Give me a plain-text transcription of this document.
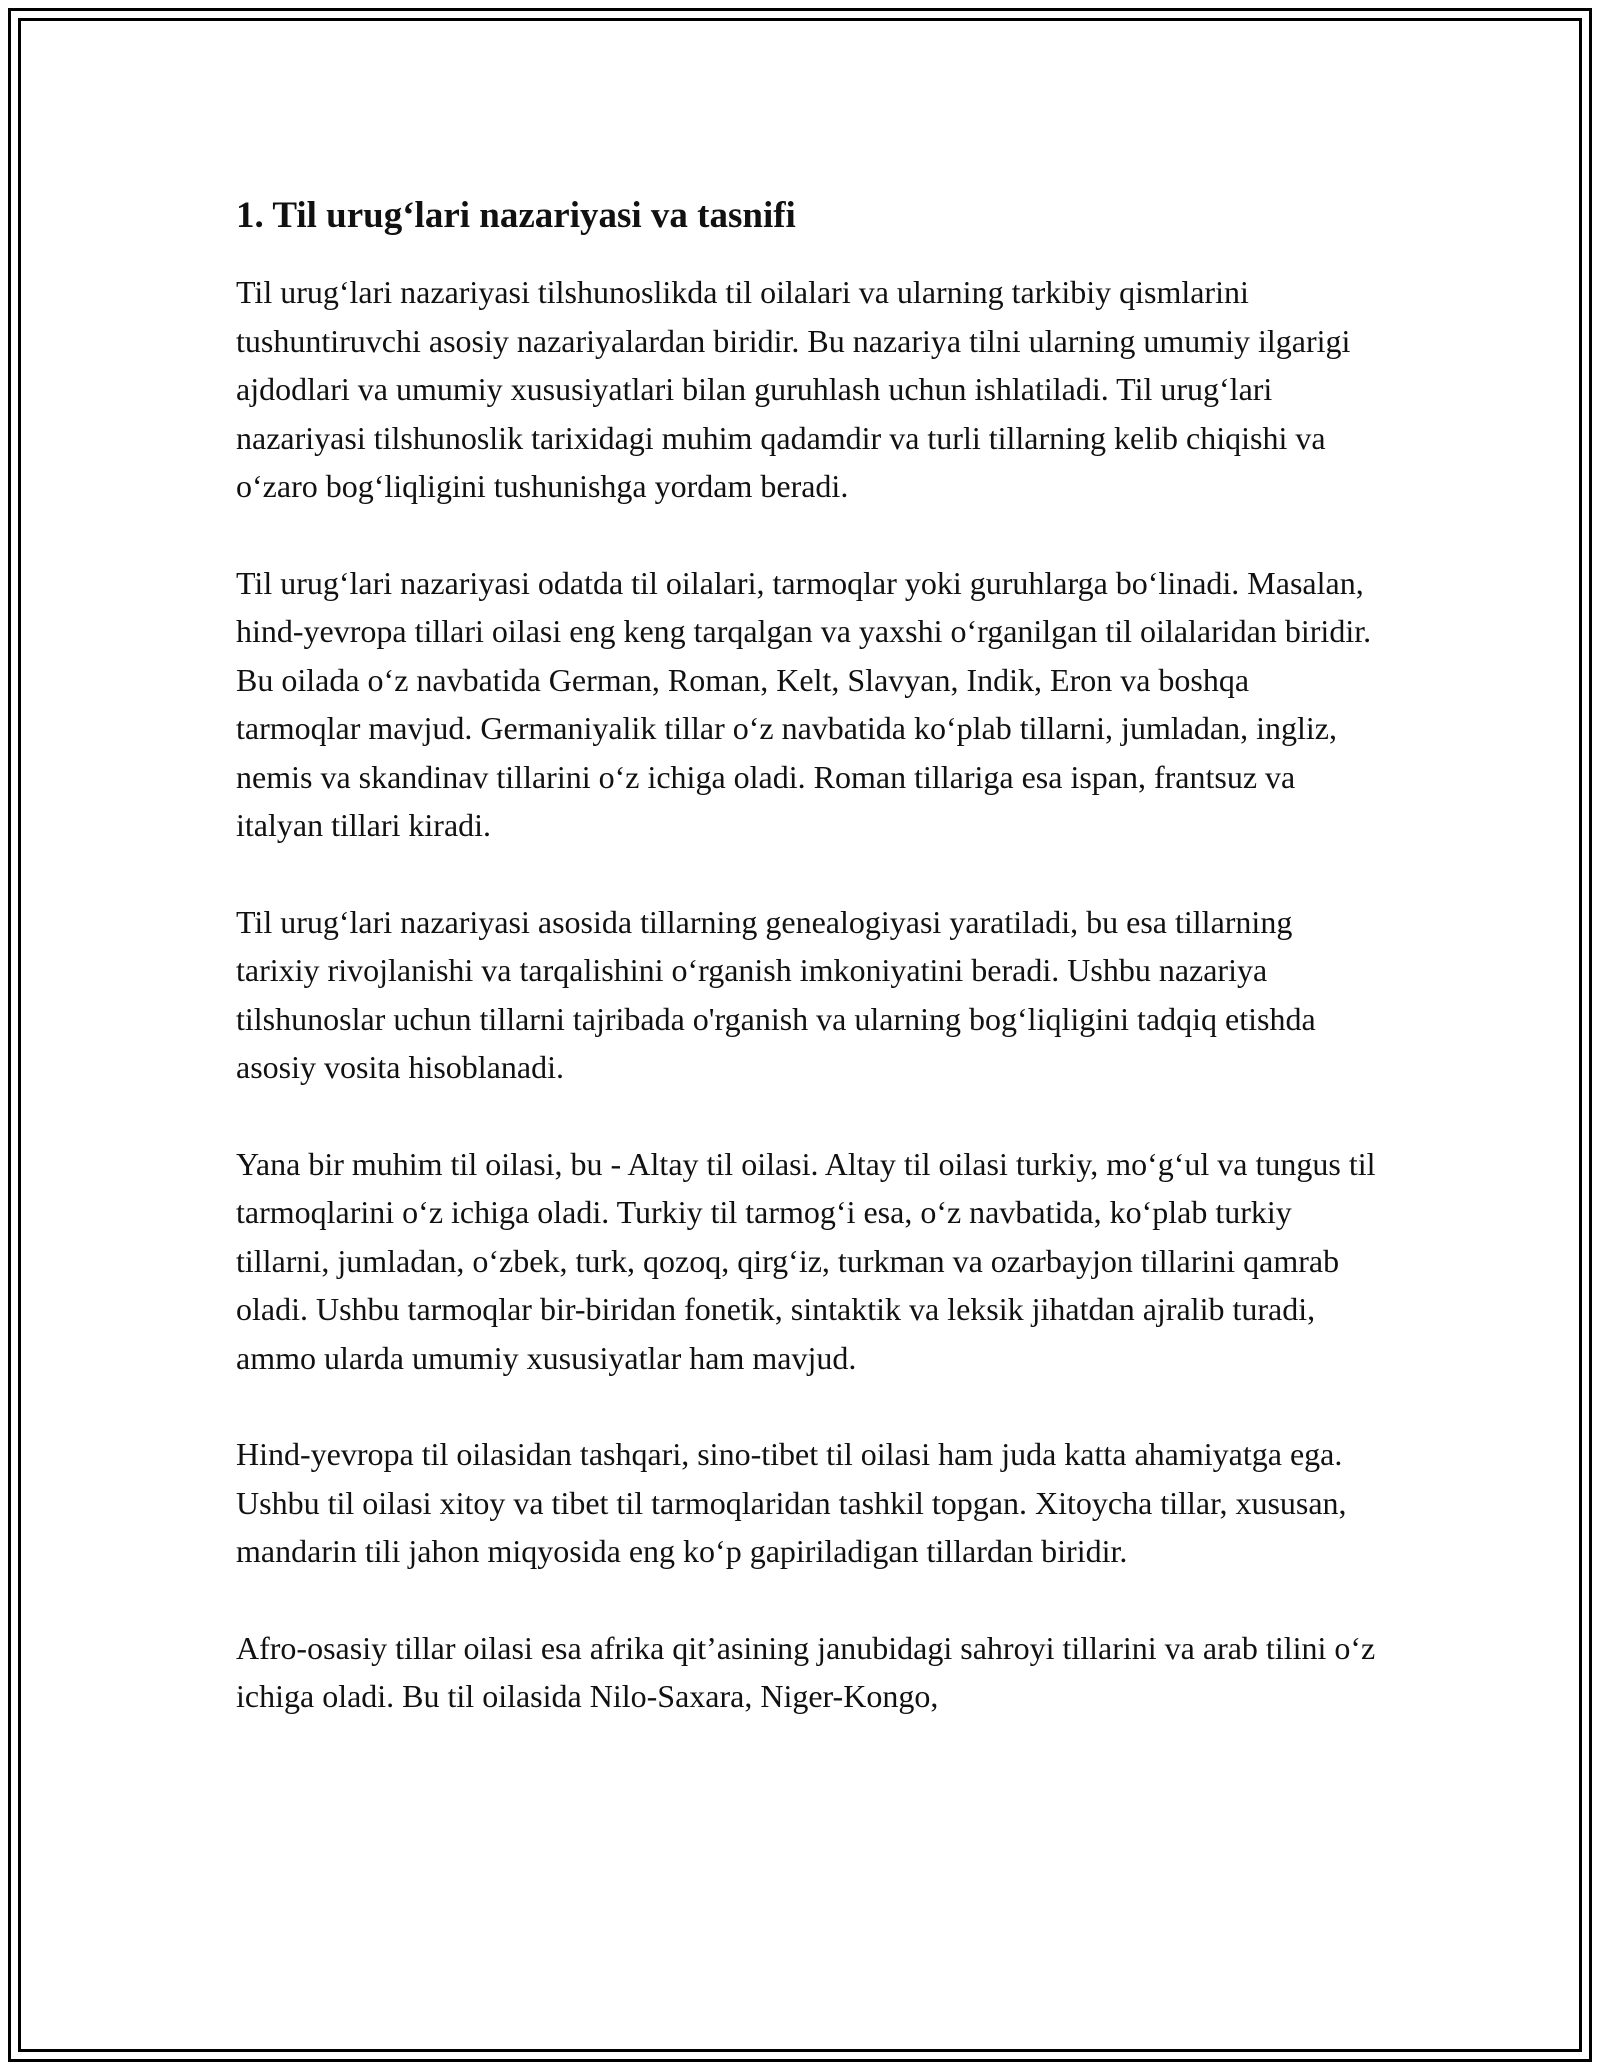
1. Til urug‘lari nazariyasi va tasnifi

Til urug‘lari nazariyasi tilshunoslikda til oilalari va ularning tarkibiy qismlarini tushuntiruvchi asosiy nazariyalardan biridir. Bu nazariya tilni ularning umumiy ilgarigi ajdodlari va umumiy xususiyatlari bilan guruhlash uchun ishlatiladi. Til urug‘lari nazariyasi tilshunoslik tarixidagi muhim qadamdir va turli tillarning kelib chiqishi va o‘zaro bog‘liqligini tushunishga yordam beradi.

Til urug‘lari nazariyasi odatda til oilalari, tarmoqlar yoki guruhlarga bo‘linadi. Masalan, hind-yevropa tillari oilasi eng keng tarqalgan va yaxshi o‘rganilgan til oilalaridan biridir. Bu oilada o‘z navbatida German, Roman, Kelt, Slavyan, Indik, Eron va boshqa tarmoqlar mavjud. Germaniyalik tillar o‘z navbatida ko‘plab tillarni, jumladan, ingliz, nemis va skandinav tillarini o‘z ichiga oladi. Roman tillariga esa ispan, frantsuz va italyan tillari kiradi.

Til urug‘lari nazariyasi asosida tillarning genealogiyasi yaratiladi, bu esa tillarning tarixiy rivojlanishi va tarqalishini o‘rganish imkoniyatini beradi. Ushbu nazariya tilshunoslar uchun tillarni tajribada o'rganish va ularning bog‘liqligini tadqiq etishda asosiy vosita hisoblanadi.

Yana bir muhim til oilasi, bu - Altay til oilasi. Altay til oilasi turkiy, mo‘g‘ul va tungus til tarmoqlarini o‘z ichiga oladi. Turkiy til tarmog‘i esa, o‘z navbatida, ko‘plab turkiy tillarni, jumladan, o‘zbek, turk, qozoq, qirg‘iz, turkman va ozarbayjon tillarini qamrab oladi. Ushbu tarmoqlar bir-biridan fonetik, sintaktik va leksik jihatdan ajralib turadi, ammo ularda umumiy xususiyatlar ham mavjud.

Hind-yevropa til oilasidan tashqari, sino-tibet til oilasi ham juda katta ahamiyatga ega. Ushbu til oilasi xitoy va tibet til tarmoqlaridan tashkil topgan. Xitoycha tillar, xususan, mandarin tili jahon miqyosida eng ko‘p gapiriladigan tillardan biridir.

Afro-osasiy tillar oilasi esa afrika qit’asining janubidagi sahroyi tillarini va arab tilini o‘z ichiga oladi. Bu til oilasida Nilo-Saxara, Niger-Kongo,
